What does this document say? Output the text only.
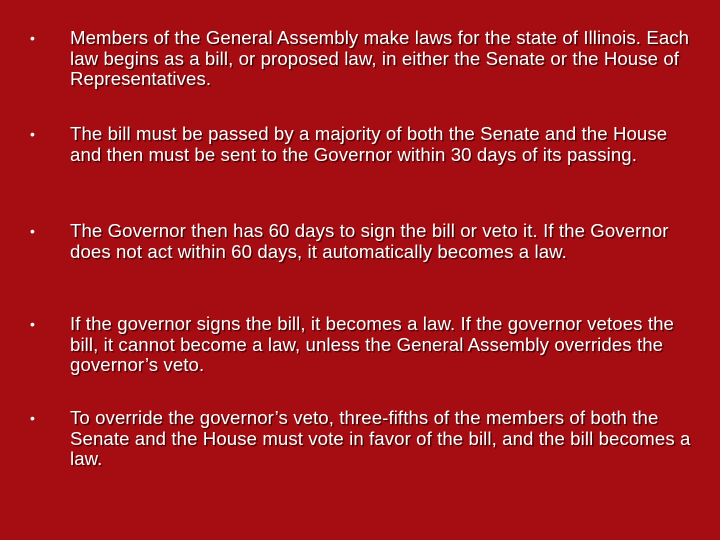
•	Members of the General Assembly make laws for the state of Illinois. Each law begins as a bill, or proposed law, in either the Senate or the House of Representatives.
•	The bill must be passed by a majority of both the Senate and the House and then must be sent to the Governor within 30 days of its passing.
•	The Governor then has 60 days to sign the bill or veto it. If the Governor does not act within 60 days, it automatically becomes a law.
•	If the governor signs the bill, it becomes a law. If the governor vetoes the bill, it cannot become a law, unless the General Assembly overrides the governor’s veto.
•	To override the governor’s veto, three-fifths of the members of both the Senate and the House must vote in favor of the bill, and the bill becomes a law.
